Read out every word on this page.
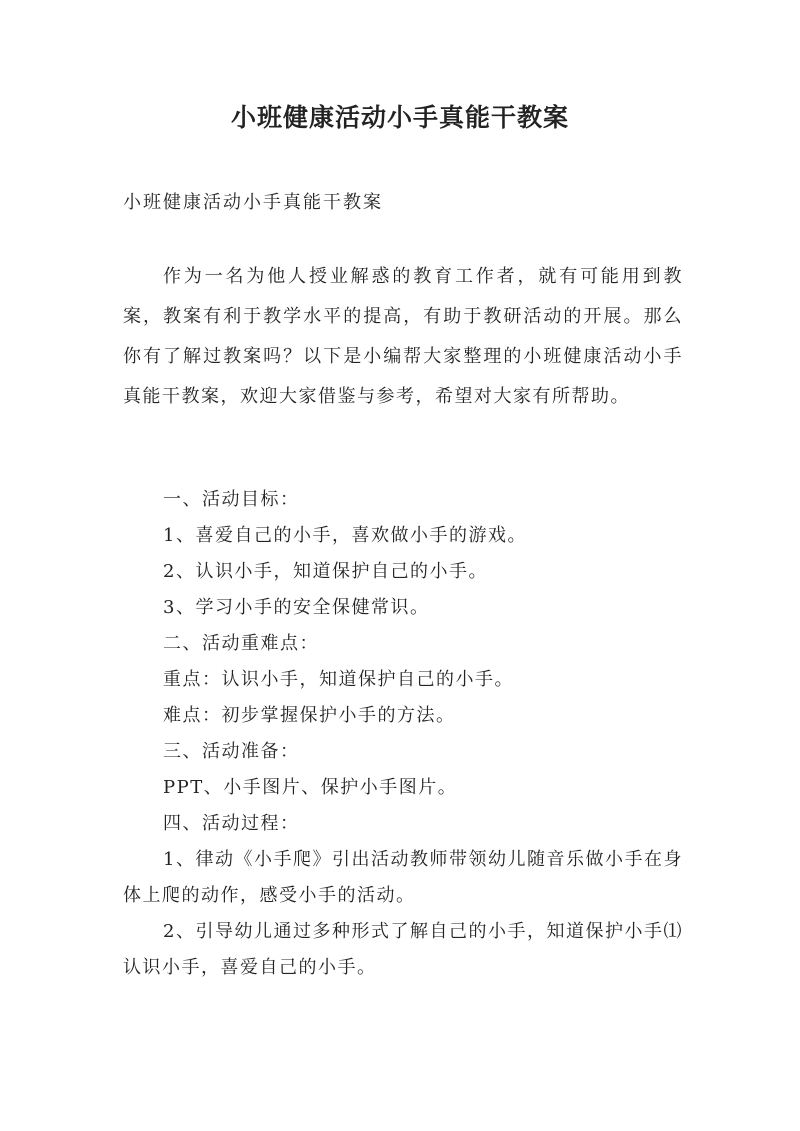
小班健康活动小手真能干教案

小班健康活动小手真能干教案

作为一名为他人授业解惑的教育工作者，就有可能用到教案，教案有利于教学水平的提高，有助于教研活动的开展。那么你有了解过教案吗？以下是小编帮大家整理的小班健康活动小手真能干教案，欢迎大家借鉴与参考，希望对大家有所帮助。

一、活动目标：

1、喜爱自己的小手，喜欢做小手的游戏。

2、认识小手，知道保护自己的小手。

3、学习小手的安全保健常识。

二、活动重难点：

重点：认识小手，知道保护自己的小手。

难点：初步掌握保护小手的方法。

三、活动准备：

PPT、小手图片、保护小手图片。

四、活动过程：

1、律动《小手爬》引出活动教师带领幼儿随音乐做小手在身体上爬的动作，感受小手的活动。

2、引导幼儿通过多种形式了解自己的小手，知道保护小手⑴认识小手，喜爱自己的小手。
